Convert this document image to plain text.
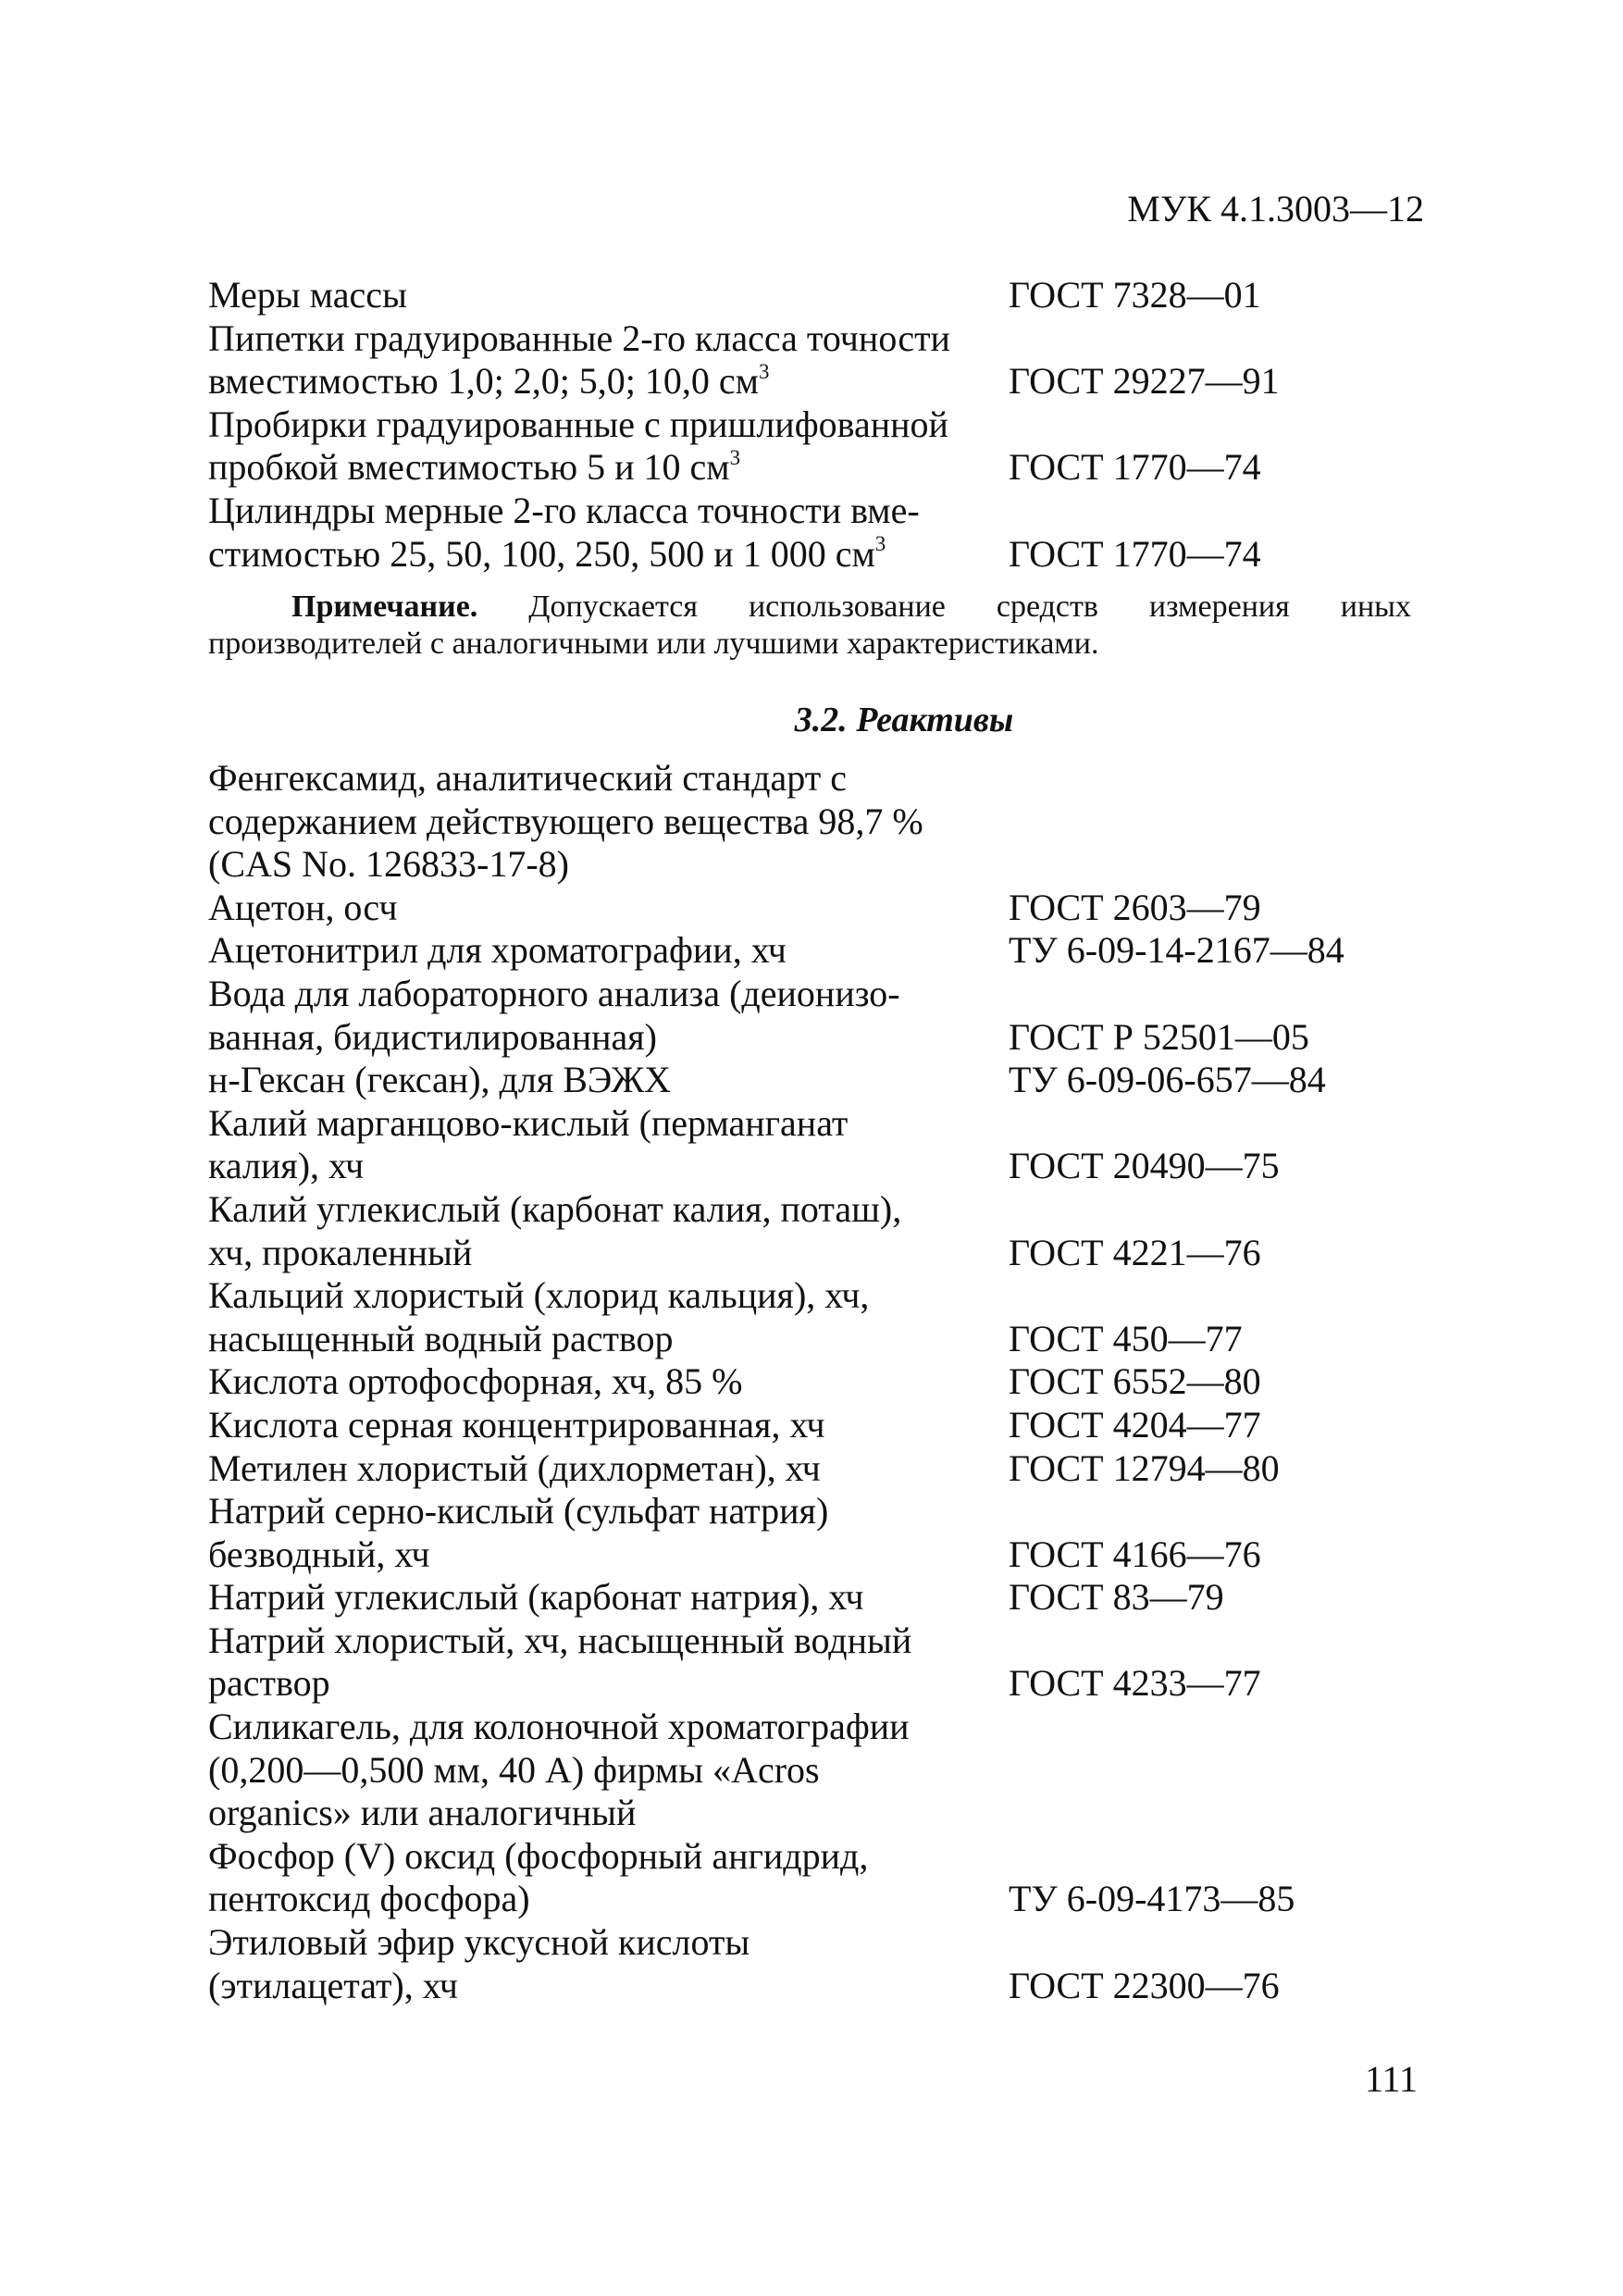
МУК 4.1.3003—12

Меры массы	ГОСТ 7328—01
Пипетки градуированные 2-го класса точности
вместимостью 1,0; 2,0; 5,0; 10,0 $см^3$	ГОСТ 29227—91
Пробирки градуированные с пришлифованной
пробкой вместимостью 5 и 10 $см^3$	ГОСТ 1770—74
Цилиндры мерные 2-го класса точности вме-
стимостью 25, 50, 100, 250, 500 и 1 000 $см^3$	ГОСТ 1770—74

Примечание. Допускается использование средств измерения иных производителей с аналогичными или лучшими характеристиками.

3.2. Реактивы
Фенгексамид, аналитический стандарт с
содержанием действующего вещества 98,7 %
(CAS No. 126833-17-8)
Ацетон, осч	ГОСТ 2603—79
Ацетонитрил для хроматографии, хч	ТУ 6-09-14-2167—84
Вода для лабораторного анализа (деионизо-
ванная, бидистилированная)	ГОСТ Р 52501—05
н-Гексан (гексан), для ВЭЖХ	ТУ 6-09-06-657—84
Калий марганцово-кислый (перманганат
калия), хч	ГОСТ 20490—75
Калий углекислый (карбонат калия, поташ),
хч, прокаленный	ГОСТ 4221—76
Кальций хлористый (хлорид кальция), хч,
насыщенный водный раствор	ГОСТ 450—77
Кислота ортофосфорная, хч, 85 %	ГОСТ 6552—80
Кислота серная концентрированная, хч	ГОСТ 4204—77
Метилен хлористый (дихлорметан), хч	ГОСТ 12794—80
Натрий серно-кислый (сульфат натрия)
безводный, хч	ГОСТ 4166—76
Натрий углекислый (карбонат натрия), хч	ГОСТ 83—79
Натрий хлористый, хч, насыщенный водный
раствор	ГОСТ 4233—77
Силикагель, для колоночной хроматографии
(0,200—0,500 мм, 40 A) фирмы «Acros
organics» или аналогичный
Фосфор (V) оксид (фосфорный ангидрид,
пентоксид фосфора)	ТУ 6-09-4173—85
Этиловый эфир уксусной кислоты
(этилацетат), хч	ГОСТ 22300—76

111
